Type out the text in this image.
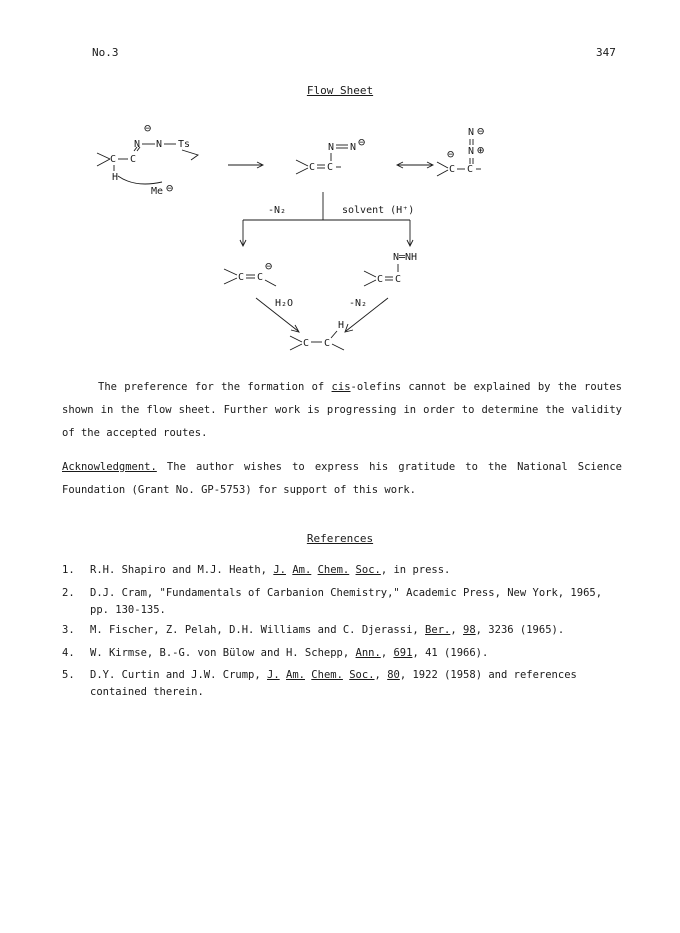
No.3	347
Flow Sheet
⊖
N N Ts
C C
H
Me ⊖
N N ⊖
C C
N ⊖
N ⊕
⊖
C C
-N₂	solvent (H⁺)
C C
⊖
N═NH
C C
H₂O	-N₂
C C
H
The preference for the formation of cis-olefins cannot be explained by the routes shown in the flow sheet. Further work is progressing in order to determine the validity of the accepted routes.
Acknowledgment. The author wishes to express his gratitude to the National Science Foundation (Grant No. GP-5753) for support of this work.
References
1. R.H. Shapiro and M.J. Heath, J. Am. Chem. Soc., in press.
2. D.J. Cram, "Fundamentals of Carbanion Chemistry," Academic Press, New York, 1965, pp. 130-135.
3. M. Fischer, Z. Pelah, D.H. Williams and C. Djerassi, Ber., 98, 3236 (1965).
4. W. Kirmse, B.-G. von Bülow and H. Schepp, Ann., 691, 41 (1966).
5. D.Y. Curtin and J.W. Crump, J. Am. Chem. Soc., 80, 1922 (1958) and references contained therein.
